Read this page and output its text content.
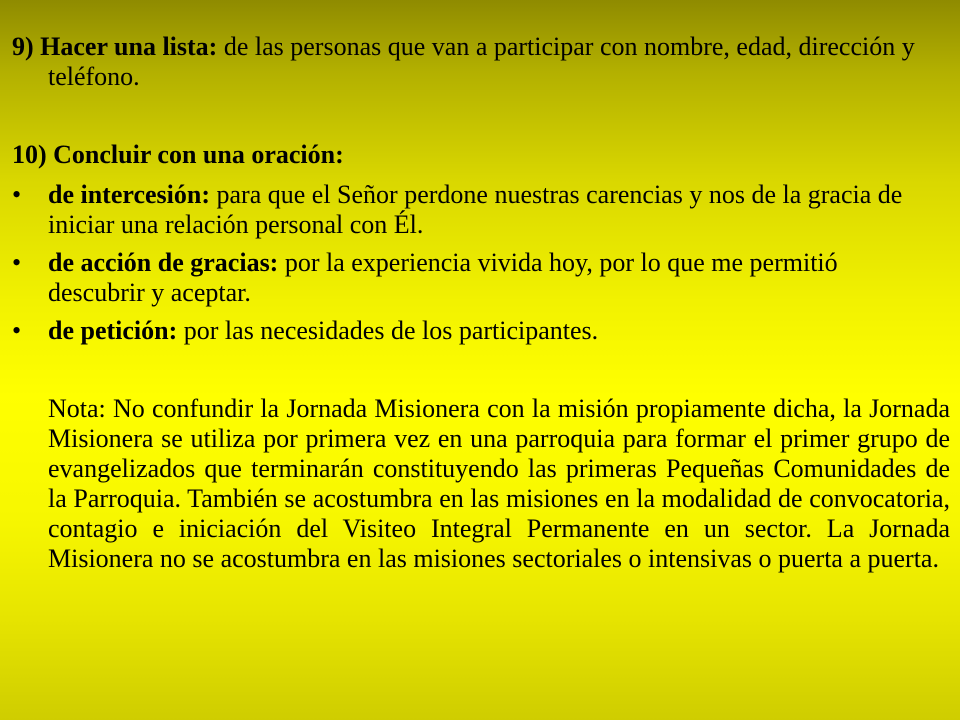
9) Hacer una lista: de las personas que van a participar con nombre, edad, dirección y teléfono.
10) Concluir con una oración:
•	de intercesión: para que el Señor perdone nuestras carencias y nos de la gracia de iniciar una relación personal con Él.
•	de acción de gracias: por la experiencia vivida hoy, por lo que me permitió descubrir y aceptar.
•	de petición: por las necesidades de los participantes.
Nota: No confundir la Jornada Misionera con la misión propiamente dicha, la Jornada Misionera se utiliza por primera vez en una parroquia para formar el primer grupo de evangelizados que terminarán constituyendo las primeras Pequeñas Comunidades de la Parroquia. También se acostumbra en las misiones en la modalidad de convocatoria, contagio e iniciación del Visiteo Integral Permanente en un sector. La Jornada Misionera no se acostumbra en las misiones sectoriales o intensivas o puerta a puerta.
